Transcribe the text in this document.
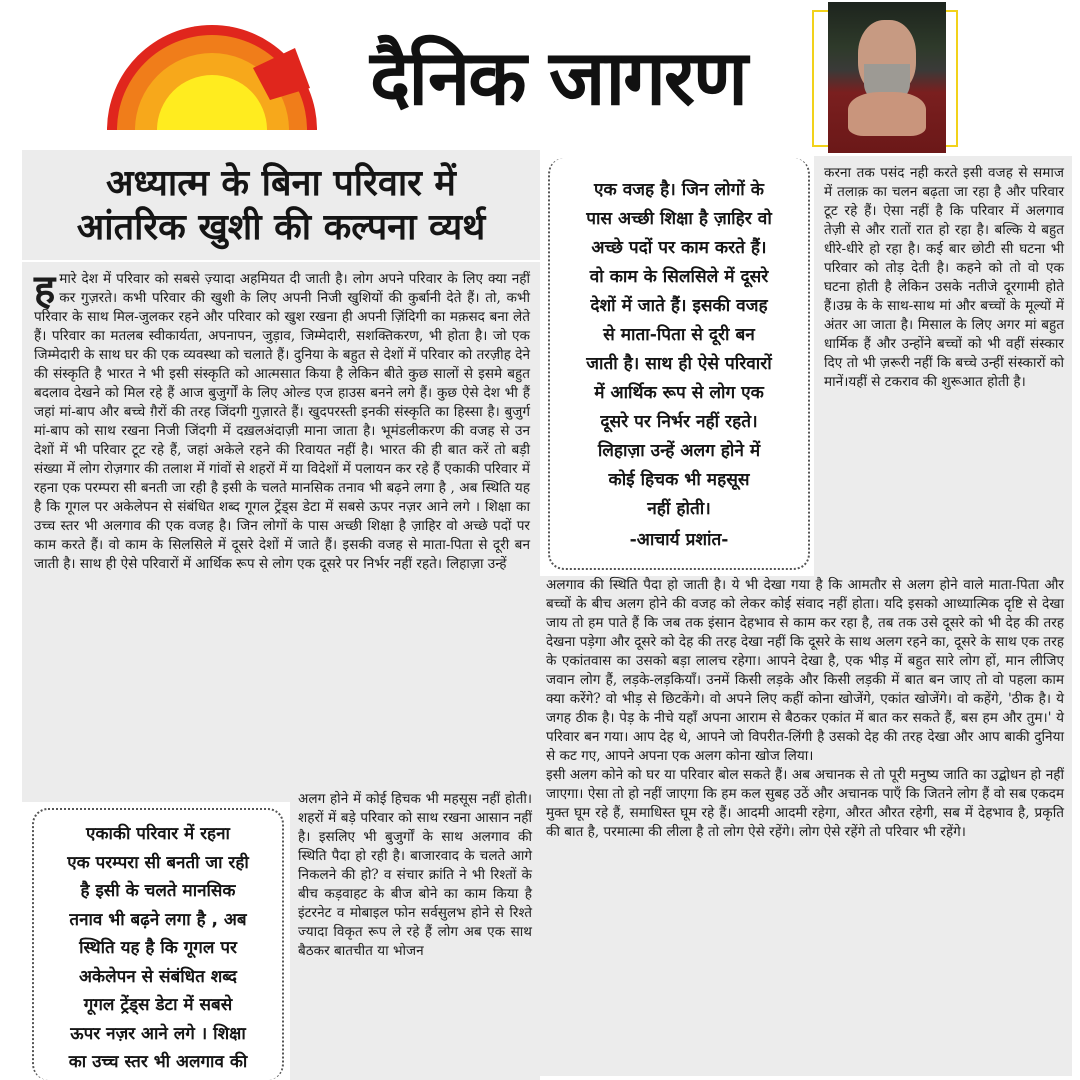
दैनिक जागरण
अध्यात्म के बिना परिवार में
आंतरिक खुशी की कल्पना व्यर्थ
ह मारे देश में परिवार को सबसे ज़्यादा अहमियत दी जाती है। लोग अपने परिवार के लिए क्या नहीं कर गुज़रते। कभी परिवार की खुशी के लिए अपनी निजी खुशियों की कुर्बानी देते हैं। तो, कभी परिवार के साथ मिल-जुलकर रहने और परिवार को खुश रखना ही अपनी ज़िंदिगी का मक़सद बना लेते हैं। परिवार का मतलब स्वीकार्यता, अपनापन, जुड़ाव, जिम्मेदारी, सशक्तिकरण, भी होता है। जो एक जिम्मेदारी के साथ घर की एक व्यवस्था को चलाते हैं। दुनिया के बहुत से देशों में परिवार को तरज़ीह देने की संस्कृति है भारत ने भी इसी संस्कृति को आत्मसात किया है लेकिन बीते कुछ सालों से इसमे बहुत बदलाव देखने को मिल रहे हैं आज बुजुर्गों के लिए ओल्ड एज हाउस बनने लगे हैं। कुछ ऐसे देश भी हैं जहां मां-बाप और बच्चे ग़ैरों की तरह जिंदगी गुज़ारते हैं। खुदपरस्ती इनकी संस्कृति का हिस्सा है। बुजुर्ग मां-बाप को साथ रखना निजी जिंदगी में दख़लअंदाज़ी माना जाता है। भूमंडलीकरण की वजह से उन देशों में भी परिवार टूट रहे हैं, जहां अकेले रहने की रिवायत नहीं है। भारत की ही बात करें तो बड़ी संख्या में लोग रोज़गार की तलाश में गांवों से शहरों में या विदेशों में पलायन कर रहे हैं एकाकी परिवार में रहना एक परम्परा सी बनती जा रही है इसी के चलते मानसिक तनाव भी बढ़ने लगा है , अब स्थिति यह है कि गूगल पर अकेलेपन से संबंधित शब्द गूगल ट्रेंड्स डेटा में सबसे ऊपर नज़र आने लगे । शिक्षा का उच्च स्तर भी अलगाव की एक वजह है। जिन लोगों के पास अच्छी शिक्षा है ज़ाहिर वो अच्छे पदों पर काम करते हैं। वो काम के सिलसिले में दूसरे देशों में जाते हैं। इसकी वजह से माता-पिता से दूरी बन जाती है। साथ ही ऐसे परिवारों में आर्थिक रूप से लोग एक दूसरे पर निर्भर नहीं रहते। लिहाज़ा उन्हें
एकाकी परिवार में रहना
एक परम्परा सी बनती जा रही
है इसी के चलते मानसिक
तनाव भी बढ़ने लगा है , अब
स्थिति यह है कि गूगल पर
अकेलेपन से संबंधित शब्द
गूगल ट्रेंड्स डेटा में सबसे
ऊपर नज़र आने लगे । शिक्षा
का उच्च स्तर भी अलगाव की
अलग होने में कोई हिचक भी महसूस नहीं होती। शहरों में बड़े परिवार को साथ रखना आसान नहीं है। इसलिए भी बुजुर्गों के साथ अलगाव की स्थिति पैदा हो रही है। बाजारवाद के चलते आगे निकलने की हो? व संचार क्रांति ने भी रिश्तों के बीच कड़वाहट के बीज बोने का काम किया है इंटरनेट व मोबाइल फोन सर्वसुलभ होने से रिश्ते ज्यादा विकृत रूप ले रहे हैं लोग अब एक साथ बैठकर बातचीत या भोजन
एक वजह है। जिन लोगों के
पास अच्छी शिक्षा है ज़ाहिर वो
अच्छे पदों पर काम करते हैं।
वो काम के सिलसिले में दूसरे
देशों में जाते हैं। इसकी वजह
से माता-पिता से दूरी बन
जाती है। साथ ही ऐसे परिवारों
में आर्थिक रूप से लोग एक
दूसरे पर निर्भर नहीं रहते।
लिहाज़ा उन्हें अलग होने में
कोई हिचक भी महसूस
नहीं होती।
-आचार्य प्रशांत-
करना तक पसंद नही करते इसी वजह से समाज में तलाक़ का चलन बढ़ता जा रहा है और परिवार टूट रहे हैं। ऐसा नहीं है कि परिवार में अलगाव तेज़ी से और रातों रात हो रहा है। बल्कि ये बहुत धीरे-धीरे हो रहा है। कई बार छोटी सी घटना भी परिवार को तोड़ देती है। कहने को तो वो एक घटना होती है लेकिन उसके नतीजे दूरगामी होते हैं।उम्र के के साथ-साथ मां और बच्चों के मूल्यों में अंतर आ जाता है। मिसाल के लिए अगर मां बहुत धार्मिक हैं और उन्होंने बच्चों को भी वहीं संस्कार दिए तो भी ज़रूरी नहीं कि बच्चे उन्हीं संस्कारों को मानें।यहीं से टकराव की शुरूआत होती है।
अलगाव की स्थिति पैदा हो जाती है। ये भी देखा गया है कि आमतौर से अलग होने वाले माता-पिता और बच्चों के बीच अलग होने की वजह को लेकर कोई संवाद नहीं होता। यदि इसको आध्यात्मिक दृष्टि से देखा जाय तो हम पाते हैं कि जब तक इंसान देहभाव से काम कर रहा है, तब तक उसे दूसरे को भी देह की तरह देखना पड़ेगा और दूसरे को देह की तरह देखा नहीं कि दूसरे के साथ अलग रहने का, दूसरे के साथ एक तरह के एकांतवास का उसको बड़ा लालच रहेगा। आपने देखा है, एक भीड़ में बहुत सारे लोग हों, मान लीजिए जवान लोग हैं, लड़के-लड़कियाँ। उनमें किसी लड़के और किसी लड़की में बात बन जाए तो वो पहला काम क्या करेंगे? वो भीड़ से छिटकेंगे। वो अपने लिए कहीं कोना खोजेंगे, एकांत खोजेंगे। वो कहेंगे, 'ठीक है। ये जगह ठीक है। पेड़ के नीचे यहाँ अपना आराम से बैठकर एकांत में बात कर सकते हैं, बस हम और तुम।' ये परिवार बन गया। आप देह थे, आपने जो विपरीत-लिंगी है उसको देह की तरह देखा और आप बाकी दुनिया से कट गए, आपने अपना एक अलग कोना खोज लिया।
इसी अलग कोने को घर या परिवार बोल सकते हैं। अब अचानक से तो पूरी मनुष्य जाति का उद्बोधन हो नहीं जाएगा। ऐसा तो हो नहीं जाएगा कि हम कल सुबह उठें और अचानक पाएँ कि जितने लोग हैं वो सब एकदम मुक्त घूम रहे हैं, समाधिस्त घूम रहे हैं। आदमी आदमी रहेगा, औरत औरत रहेगी, सब में देहभाव है, प्रकृति की बात है, परमात्मा की लीला है तो लोग ऐसे रहेंगे। लोग ऐसे रहेंगे तो परिवार भी रहेंगे।
